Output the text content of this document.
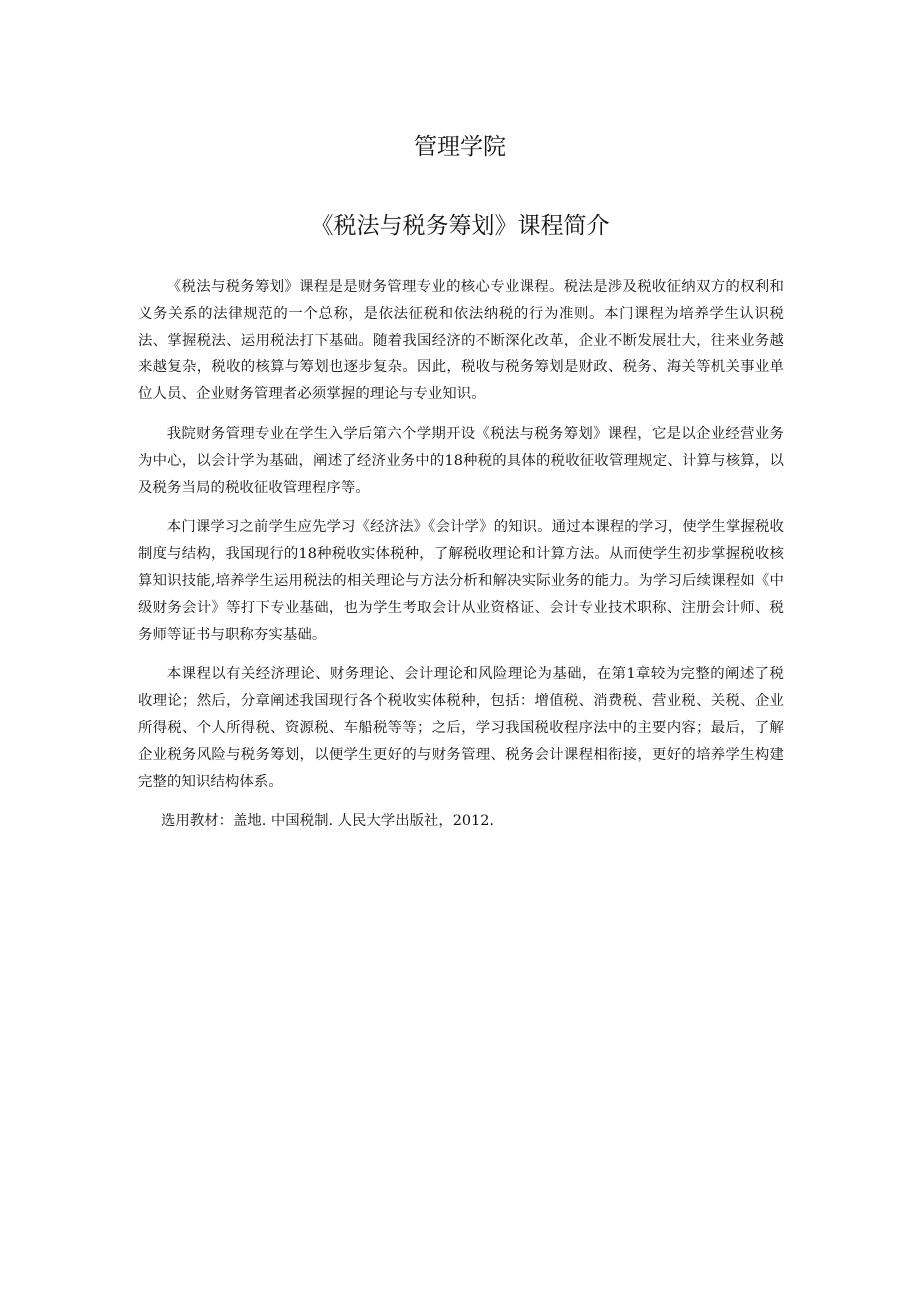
管理学院
《税法与税务筹划》课程简介

《税法与税务筹划》课程是是财务管理专业的核心专业课程。税法是涉及税收征纳双方的权利和义务关系的法律规范的一个总称，是依法征税和依法纳税的行为准则。本门课程为培养学生认识税法、掌握税法、运用税法打下基础。随着我国经济的不断深化改革，企业不断发展壮大，往来业务越来越复杂，税收的核算与筹划也逐步复杂。因此，税收与税务筹划是财政、税务、海关等机关事业单位人员、企业财务管理者必须掌握的理论与专业知识。

我院财务管理专业在学生入学后第六个学期开设《税法与税务筹划》课程，它是以企业经营业务为中心，以会计学为基础，阐述了经济业务中的18种税的具体的税收征收管理规定、计算与核算，以及税务当局的税收征收管理程序等。

本门课学习之前学生应先学习《经济法》《会计学》的知识。通过本课程的学习，使学生掌握税收制度与结构，我国现行的18种税收实体税种，了解税收理论和计算方法。从而使学生初步掌握税收核算知识技能,培养学生运用税法的相关理论与方法分析和解决实际业务的能力。为学习后续课程如《中级财务会计》等打下专业基础，也为学生考取会计从业资格证、会计专业技术职称、注册会计师、税务师等证书与职称夯实基础。

本课程以有关经济理论、财务理论、会计理论和风险理论为基础，在第1章较为完整的阐述了税收理论；然后，分章阐述我国现行各个税收实体税种，包括：增值税、消费税、营业税、关税、企业所得税、个人所得税、资源税、车船税等等；之后，学习我国税收程序法中的主要内容；最后，了解企业税务风险与税务筹划，以便学生更好的与财务管理、税务会计课程相衔接，更好的培养学生构建完整的知识结构体系。

选用教材：盖地. 中国税制. 人民大学出版社，2012.
